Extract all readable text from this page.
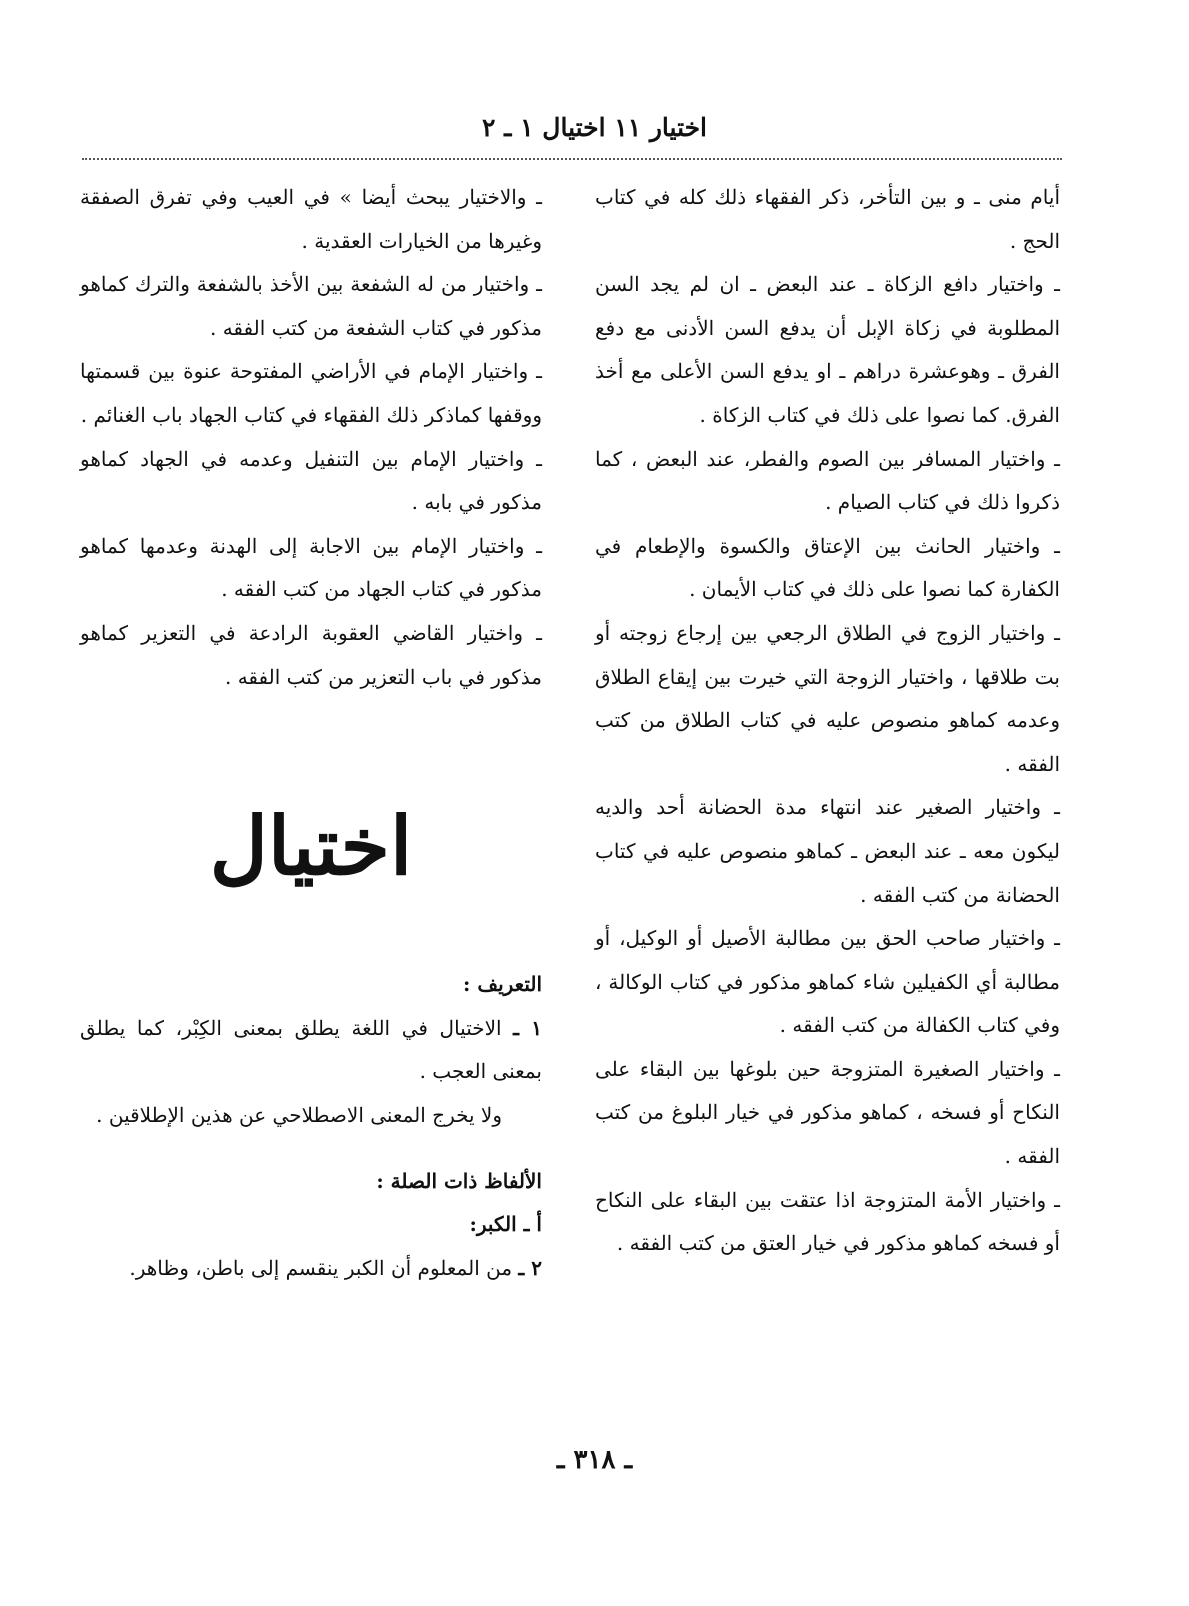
اختيار ١١ اختيال ١ ـ ٢

أيام منى ـ و بين التأخر، ذكر الفقهاء ذلك كله في كتاب الحج .

ـ واختيار دافع الزكاة ـ عند البعض ـ ان لم يجد السن المطلوبة في زكاة الإبل أن يدفع السن الأدنى مع دفع الفرق ـ وهوعشرة دراهم ـ او يدفع السن الأعلى مع أخذ الفرق. كما نصوا على ذلك في كتاب الزكاة .

ـ واختيار المسافر بين الصوم والفطر، عند البعض ، كما ذكروا ذلك في كتاب الصيام .

ـ واختيار الحانث بين الإعتاق والكسوة والإطعام في الكفارة كما نصوا على ذلك في كتاب الأيمان .

ـ واختيار الزوج في الطلاق الرجعي بين إرجاع زوجته أو بت طلاقها ، واختيار الزوجة التي خيرت بين إيقاع الطلاق وعدمه كماهو منصوص عليه في كتاب الطلاق من كتب الفقه .

ـ واختيار الصغير عند انتهاء مدة الحضانة أحد والديه ليكون معه ـ عند البعض ـ كماهو منصوص عليه في كتاب الحضانة من كتب الفقه .

ـ واختيار صاحب الحق بين مطالبة الأصيل أو الوكيل، أو مطالبة أي الكفيلين شاء كماهو مذكور في كتاب الوكالة ، وفي كتاب الكفالة من كتب الفقه .

ـ واختيار الصغيرة المتزوجة حين بلوغها بين البقاء على النكاح أو فسخه ، كماهو مذكور في خيار البلوغ من كتب الفقه .

ـ واختيار الأمة المتزوجة اذا عتقت بين البقاء على النكاح أو فسخه كماهو مذكور في خيار العتق من كتب الفقه .

ـ والاختيار يبحث أيضا » في العيب وفي تفرق الصفقة وغيرها من الخيارات العقدية .

ـ واختيار من له الشفعة بين الأخذ بالشفعة والترك كماهو مذكور في كتاب الشفعة من كتب الفقه .

ـ واختيار الإمام في الأراضي المفتوحة عنوة بين قسمتها ووقفها كماذكر ذلك الفقهاء في كتاب الجهاد باب الغنائم .

ـ واختيار الإمام بين التنفيل وعدمه في الجهاد كماهو مذكور في بابه .

ـ واختيار الإمام بين الاجابة إلى الهدنة وعدمها كماهو مذكور في كتاب الجهاد من كتب الفقه .

ـ واختيار القاضي العقوبة الرادعة في التعزير كماهو مذكور في باب التعزير من كتب الفقه .

اختيال

التعريف :

١ ـ الاختيال في اللغة يطلق بمعنى الكِبْر، كما يطلق بمعنى العجب .

ولا يخرج المعنى الاصطلاحي عن هذين الإطلاقين .

الألفاظ ذات الصلة :

أ ـ الكبر:

٢ ـ من المعلوم أن الكبر ينقسم إلى باطن، وظاهر.

ـ ٣١٨ ـ
